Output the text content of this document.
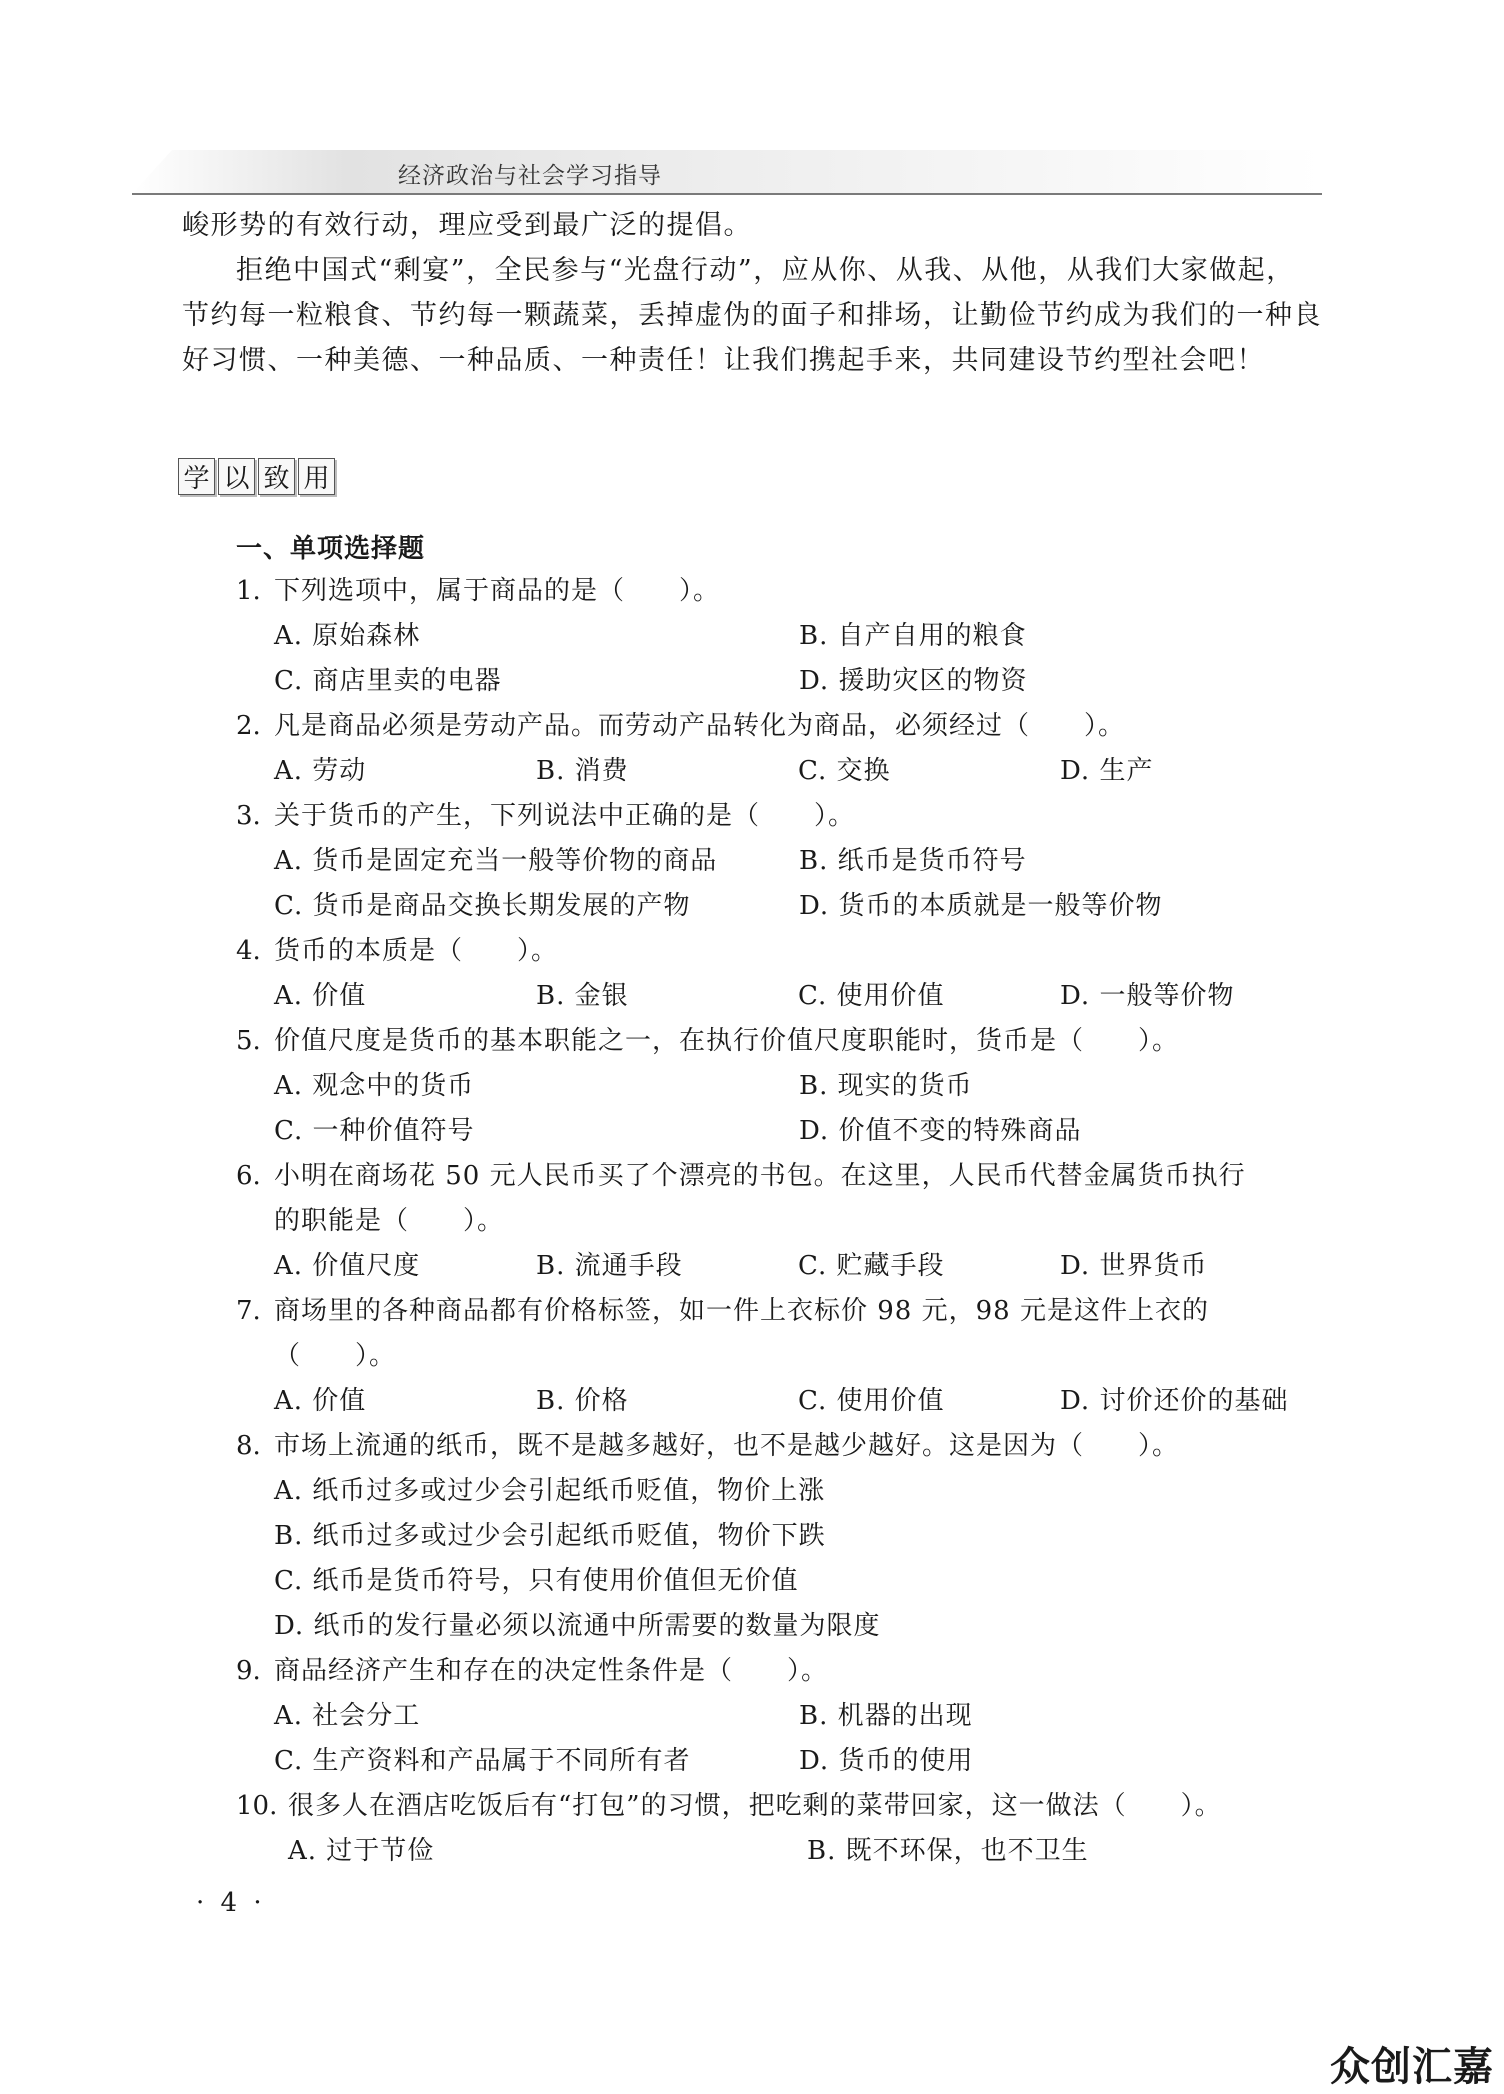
经济政治与社会学习指导

峻形势的有效行动，理应受到最广泛的提倡。

拒绝中国式“剩宴”，全民参与“光盘行动”，应从你、从我、从他，从我们大家做起，节约每一粒粮食、节约每一颗蔬菜，丢掉虚伪的面子和排场，让勤俭节约成为我们的一种良好习惯、一种美德、一种品质、一种责任！让我们携起手来，共同建设节约型社会吧！

学 以 致 用
一、单项选择题
1. 下列选项中，属于商品的是（　　）。
A. 原始森林	B. 自产自用的粮食
C. 商店里卖的电器	D. 援助灾区的物资
2. 凡是商品必须是劳动产品。而劳动产品转化为商品，必须经过（　　）。
A. 劳动	B. 消费	C. 交换	D. 生产
3. 关于货币的产生，下列说法中正确的是（　　）。
A. 货币是固定充当一般等价物的商品	B. 纸币是货币符号
C. 货币是商品交换长期发展的产物	D. 货币的本质就是一般等价物
4. 货币的本质是（　　）。
A. 价值	B. 金银	C. 使用价值	D. 一般等价物
5. 价值尺度是货币的基本职能之一，在执行价值尺度职能时，货币是（　　）。
A. 观念中的货币	B. 现实的货币
C. 一种价值符号	D. 价值不变的特殊商品
6. 小明在商场花 50 元人民币买了个漂亮的书包。在这里，人民币代替金属货币执行
的职能是（　　）。
A. 价值尺度	B. 流通手段	C. 贮藏手段	D. 世界货币
7. 商场里的各种商品都有价格标签，如一件上衣标价 98 元，98 元是这件上衣的
（　　）。
A. 价值	B. 价格	C. 使用价值	D. 讨价还价的基础
8. 市场上流通的纸币，既不是越多越好，也不是越少越好。这是因为（　　）。
A. 纸币过多或过少会引起纸币贬值，物价上涨
B. 纸币过多或过少会引起纸币贬值，物价下跌
C. 纸币是货币符号，只有使用价值但无价值
D. 纸币的发行量必须以流通中所需要的数量为限度
9. 商品经济产生和存在的决定性条件是（　　）。
A. 社会分工	B. 机器的出现
C. 生产资料和产品属于不同所有者	D. 货币的使用
10. 很多人在酒店吃饭后有“打包”的习惯，把吃剩的菜带回家，这一做法（　　）。
A. 过于节俭	B. 既不环保，也不卫生
· 4 ·
众创汇嘉
